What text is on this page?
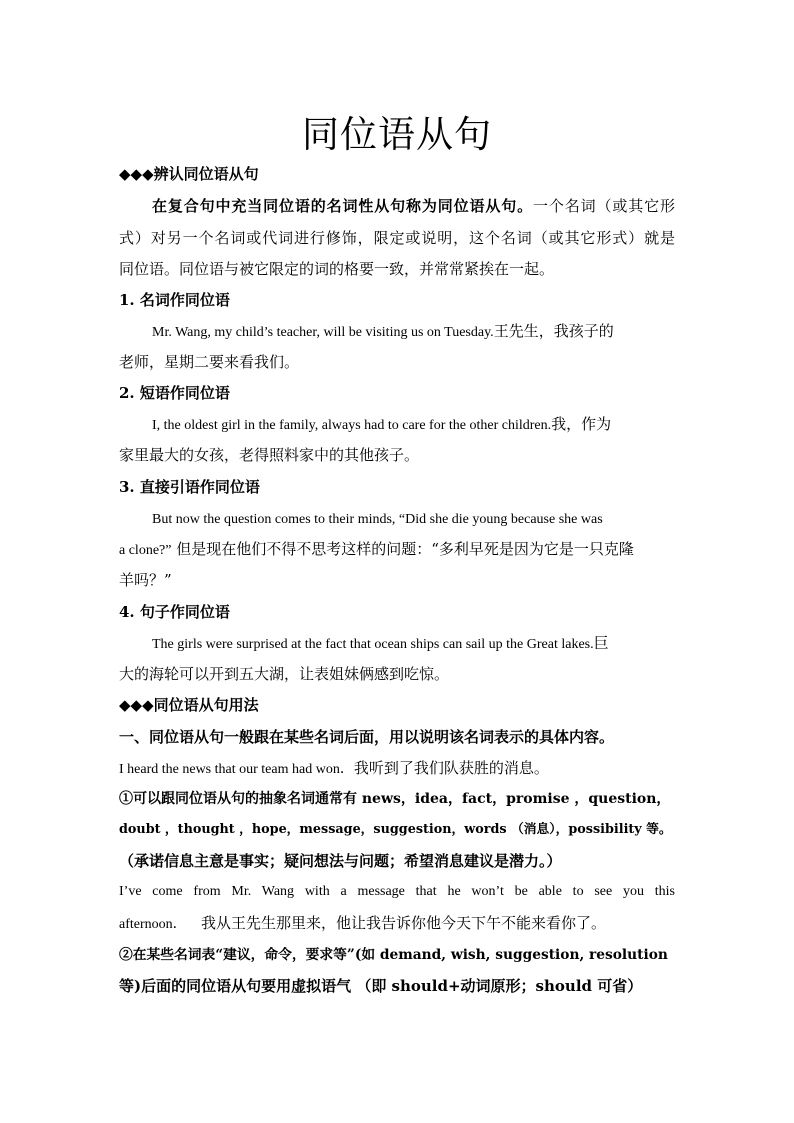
同位语从句
◆◆◆辨认同位语从句
在复合句中充当同位语的名词性从句称为同位语从句。一个名词（或其它形
式）对另一个名词或代词进行修饰，限定或说明，这个名词（或其它形式）就是
同位语。同位语与被它限定的词的格要一致，并常常紧挨在一起。
1. 名词作同位语
Mr. Wang, my child’s teacher, will be visiting us on Tuesday.王先生，我孩子的
老师，星期二要来看我们。
2. 短语作同位语
I, the oldest girl in the family, always had to care for the other children.我，作为
家里最大的女孩，老得照料家中的其他孩子。
3. 直接引语作同位语
But now the question comes to their minds, “Did she die young because she was
a clone?” 但是现在他们不得不思考这样的问题：“多利早死是因为它是一只克隆
羊吗？”
4. 句子作同位语
The girls were surprised at the fact that ocean ships can sail up the Great lakes.巨
大的海轮可以开到五大湖，让表姐妹俩感到吃惊。
◆◆◆同位语从句用法
一、同位语从句一般跟在某些名词后面，用以说明该名词表示的具体内容。
I heard the news that our team had won．我听到了我们队获胜的消息。
①可以跟同位语从句的抽象名词通常有 news，idea，fact，promise ，question，
doubt ，thought ，hope，message，suggestion，words （消息），possibility 等。
（承诺信息主意是事实；疑问想法与问题；希望消息建议是潜力。）
I’ve come from Mr. Wang with a message that he won’t be able to see you this
afternoon． 我从王先生那里来，他让我告诉你他今天下午不能来看你了。
②在某些名词表“建议，命令，要求等”(如 demand, wish, suggestion, resolution
等)后面的同位语从句要用虚拟语气 （即 should+动词原形；should 可省）
